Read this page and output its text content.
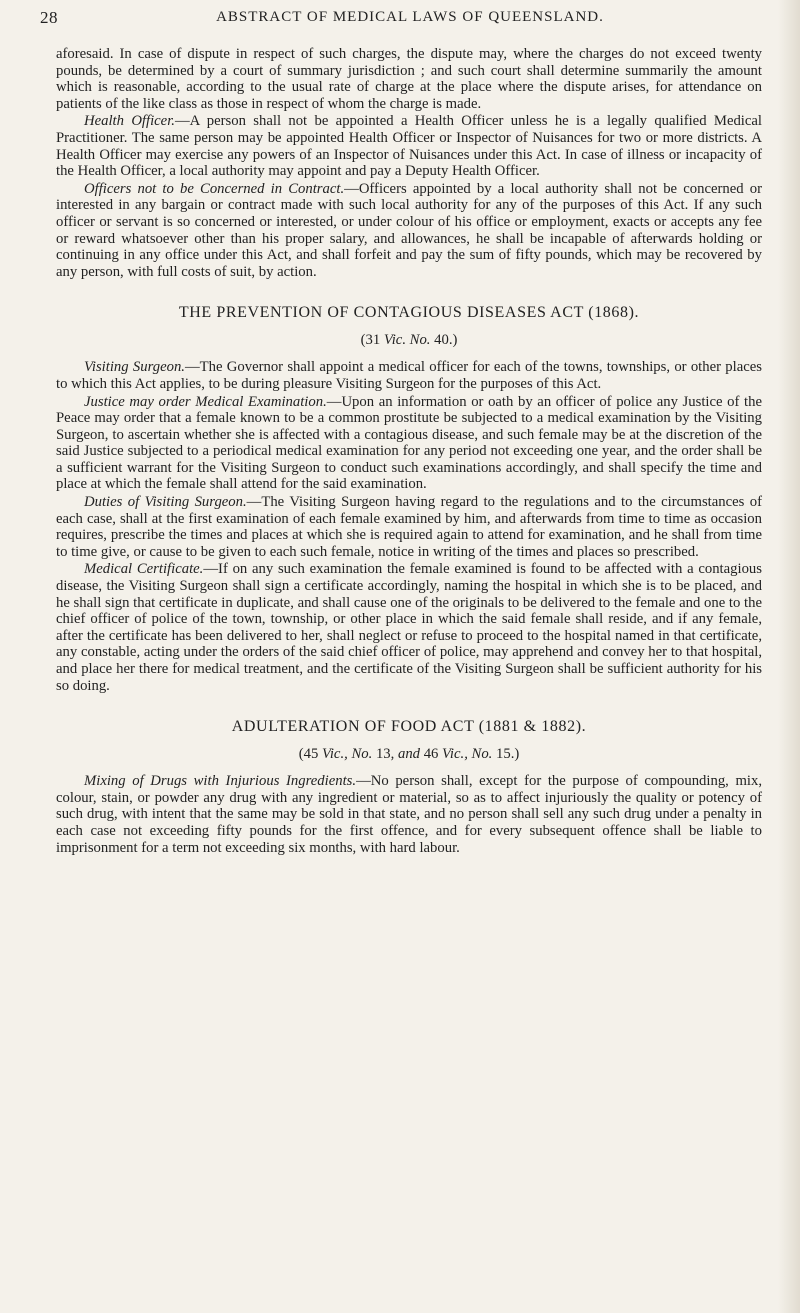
28	ABSTRACT OF MEDICAL LAWS OF QUEENSLAND.

aforesaid. In case of dispute in respect of such charges, the dispute may, where the charges do not exceed twenty pounds, be determined by a court of summary jurisdiction ; and such court shall determine summarily the amount which is reasonable, according to the usual rate of charge at the place where the dispute arises, for attendance on patients of the like class as those in respect of whom the charge is made.

Health Officer.—A person shall not be appointed a Health Officer unless he is a legally qualified Medical Practitioner. The same person may be appointed Health Officer or Inspector of Nuisances for two or more districts. A Health Officer may exercise any powers of an Inspector of Nuisances under this Act. In case of illness or incapacity of the Health Officer, a local authority may appoint and pay a Deputy Health Officer.

Officers not to be Concerned in Contract.—Officers appointed by a local authority shall not be concerned or interested in any bargain or contract made with such local authority for any of the purposes of this Act. If any such officer or servant is so concerned or interested, or under colour of his office or employment, exacts or accepts any fee or reward whatsoever other than his proper salary, and allowances, he shall be incapable of afterwards holding or continuing in any office under this Act, and shall forfeit and pay the sum of fifty pounds, which may be recovered by any person, with full costs of suit, by action.

THE PREVENTION OF CONTAGIOUS DISEASES ACT (1868).
(31 Vic. No. 40.)

Visiting Surgeon.—The Governor shall appoint a medical officer for each of the towns, townships, or other places to which this Act applies, to be during pleasure Visiting Surgeon for the purposes of this Act.

Justice may order Medical Examination.—Upon an information or oath by an officer of police any Justice of the Peace may order that a female known to be a common prostitute be subjected to a medical examination by the Visiting Surgeon, to ascertain whether she is affected with a contagious disease, and such female may be at the discretion of the said Justice subjected to a periodical medical examination for any period not exceeding one year, and the order shall be a sufficient warrant for the Visiting Surgeon to conduct such examinations accordingly, and shall specify the time and place at which the female shall attend for the said examination.

Duties of Visiting Surgeon.—The Visiting Surgeon having regard to the regulations and to the circumstances of each case, shall at the first examination of each female examined by him, and afterwards from time to time as occasion requires, prescribe the times and places at which she is required again to attend for examination, and he shall from time to time give, or cause to be given to each such female, notice in writing of the times and places so prescribed.

Medical Certificate.—If on any such examination the female examined is found to be affected with a contagious disease, the Visiting Surgeon shall sign a certificate accordingly, naming the hospital in which she is to be placed, and he shall sign that certificate in duplicate, and shall cause one of the originals to be delivered to the female and one to the chief officer of police of the town, township, or other place in which the said female shall reside, and if any female, after the certificate has been delivered to her, shall neglect or refuse to proceed to the hospital named in that certificate, any constable, acting under the orders of the said chief officer of police, may apprehend and convey her to that hospital, and place her there for medical treatment, and the certificate of the Visiting Surgeon shall be sufficient authority for his so doing.

ADULTERATION OF FOOD ACT (1881 & 1882).
(45 Vic., No. 13, and 46 Vic., No. 15.)

Mixing of Drugs with Injurious Ingredients.—No person shall, except for the purpose of compounding, mix, colour, stain, or powder any drug with any ingredient or material, so as to affect injuriously the quality or potency of such drug, with intent that the same may be sold in that state, and no person shall sell any such drug under a penalty in each case not exceeding fifty pounds for the first offence, and for every subsequent offence shall be liable to imprisonment for a term not exceeding six months, with hard labour.
